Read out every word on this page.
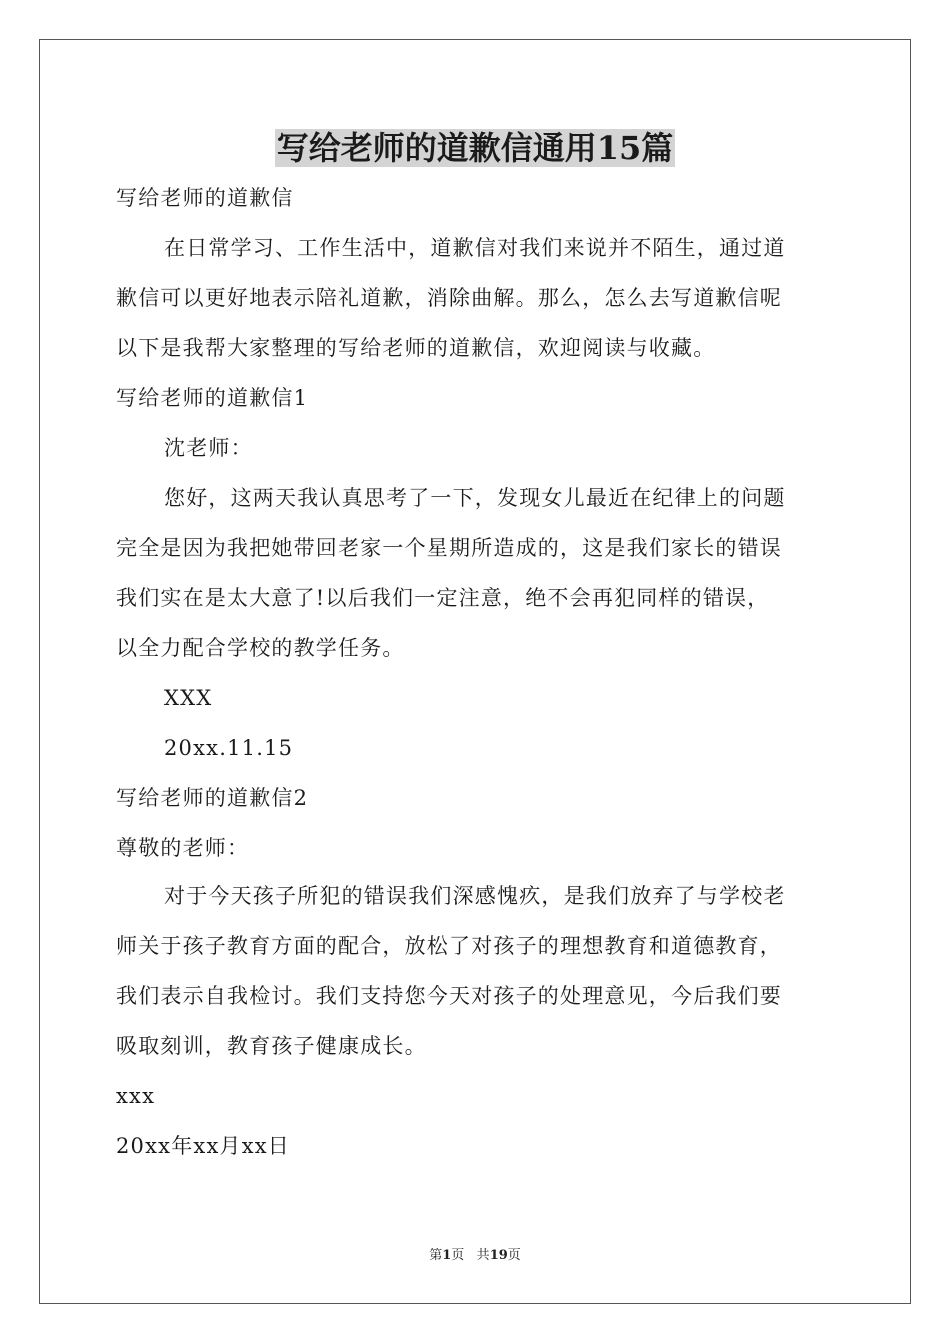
写给老师的道歉信通用15篇
写给老师的道歉信
在日常学习、工作生活中，道歉信对我们来说并不陌生，通过道
歉信可以更好地表示陪礼道歉，消除曲解。那么，怎么去写道歉信呢
以下是我帮大家整理的写给老师的道歉信，欢迎阅读与收藏。
写给老师的道歉信1
沈老师：
您好，这两天我认真思考了一下，发现女儿最近在纪律上的问题
完全是因为我把她带回老家一个星期所造成的，这是我们家长的错误
我们实在是太大意了!以后我们一定注意，绝不会再犯同样的错误，
以全力配合学校的教学任务。
XXX
20xx.11.15
写给老师的道歉信2
尊敬的老师：
对于今天孩子所犯的错误我们深感愧疚，是我们放弃了与学校老
师关于孩子教育方面的配合，放松了对孩子的理想教育和道德教育，
我们表示自我检讨。我们支持您今天对孩子的处理意见，今后我们要
吸取刻训，教育孩子健康成长。
xxx
20xx年xx月xx日
第1页 共19页
